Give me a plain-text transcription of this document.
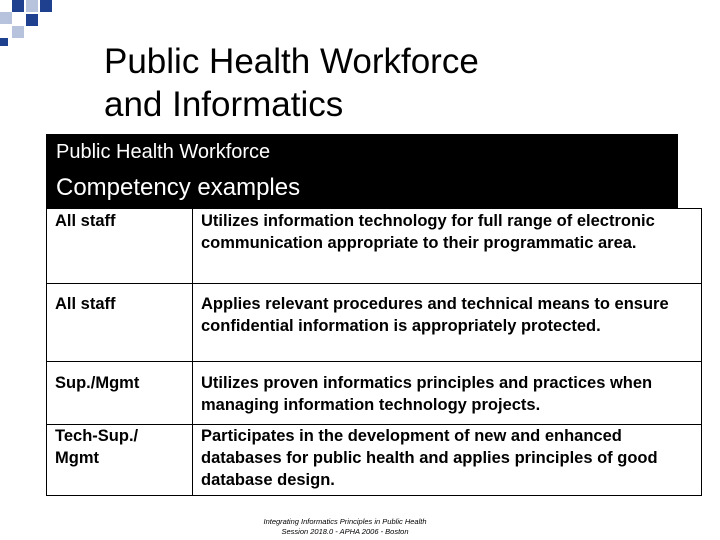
Public Health Workforce
and Informatics
Public Health Workforce
Competency examples
All staff	Utilizes information technology for full range of electronic communication appropriate to their programmatic area.
All staff	Applies relevant procedures and technical means to ensure confidential information is appropriately protected.
Sup./Mgmt	Utilizes proven informatics principles and practices when managing information technology projects.
Tech-Sup./ Mgmt	Participates in the development of new and enhanced databases for public health and applies principles of good database design.
Integrating Informatics Principles in Public Health
Session 2018.0 - APHA 2006 - Boston
